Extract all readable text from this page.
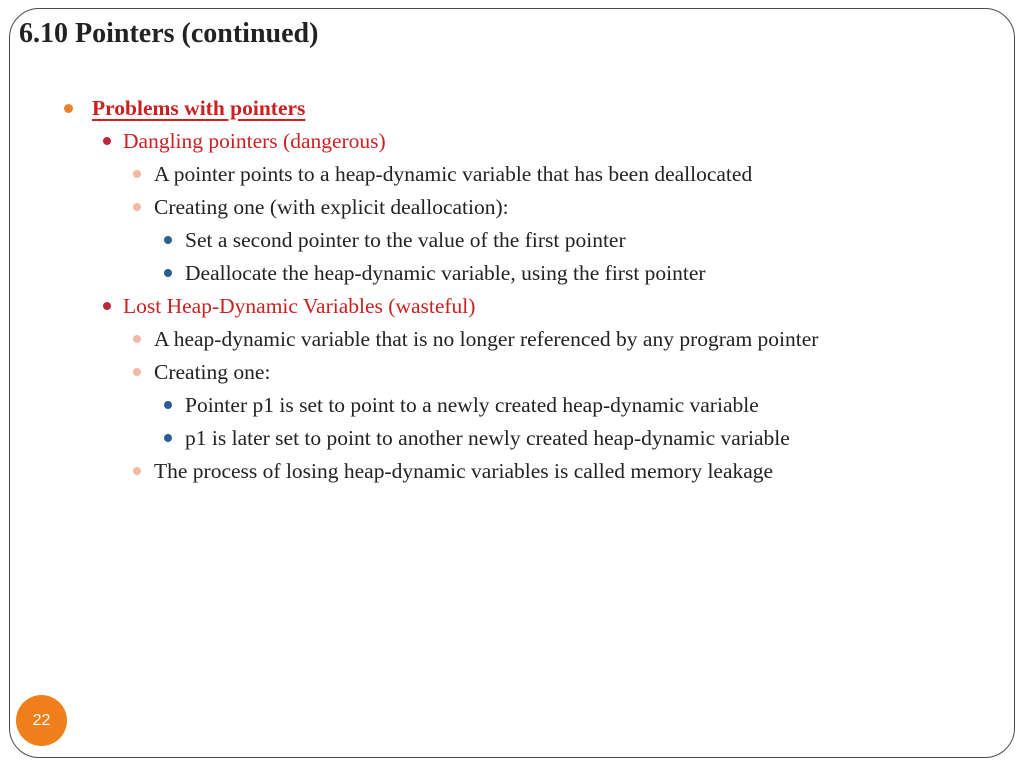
6.10 Pointers (continued)
Problems with pointers
Dangling pointers (dangerous)
A pointer points to a heap-dynamic variable that has been deallocated
Creating one (with explicit deallocation):
Set a second pointer to the value of the first pointer
Deallocate the heap-dynamic variable, using the first pointer
Lost Heap-Dynamic Variables (wasteful)
A heap-dynamic variable that is no longer referenced by any program pointer
Creating one:
Pointer p1 is set to point to a newly created heap-dynamic variable
p1 is later set to point to another newly created heap-dynamic variable
The process of losing heap-dynamic variables is called memory leakage
22
